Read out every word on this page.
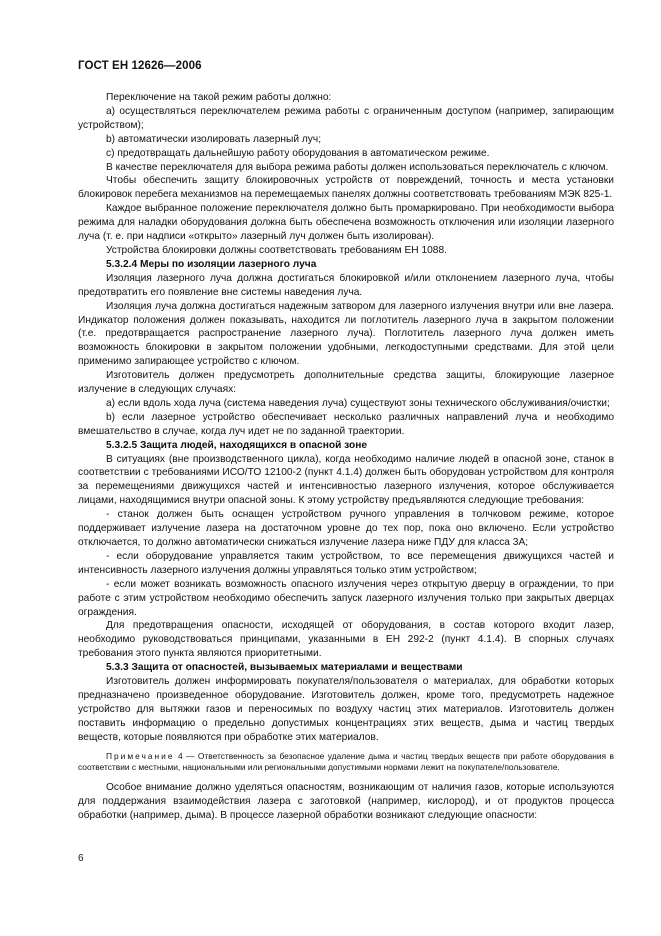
ГОСТ ЕН 12626—2006

Переключение на такой режим работы должно:

a) осуществляться переключателем режима работы с ограниченным доступом (например, запирающим устройством);

b) автоматически изолировать лазерный луч;

c) предотвращать дальнейшую работу оборудования в автоматическом режиме.

В качестве переключателя для выбора режима работы должен использоваться переключатель с ключом.

Чтобы обеспечить защиту блокировочных устройств от повреждений, точность и места установки блокировок перебега механизмов на перемещаемых панелях должны соответствовать требованиям МЭК 825-1.

Каждое выбранное положение переключателя должно быть промаркировано. При необходимости выбора режима для наладки оборудования должна быть обеспечена возможность отключения или изоляции лазерного луча (т. е. при надписи «открыто» лазерный луч должен быть изолирован).

Устройства блокировки должны соответствовать требованиям ЕН 1088.

5.3.2.4 Меры по изоляции лазерного луча

Изоляция лазерного луча должна достигаться блокировкой и/или отклонением лазерного луча, чтобы предотвратить его появление вне системы наведения луча.

Изоляция луча должна достигаться надежным затвором для лазерного излучения внутри или вне лазера. Индикатор положения должен показывать, находится ли поглотитель лазерного луча в закрытом положении (т.е. предотвращается распространение лазерного луча). Поглотитель лазерного луча должен иметь возможность блокировки в закрытом положении удобными, легкодоступными средствами. Для этой цели применимо запирающее устройство с ключом.

Изготовитель должен предусмотреть дополнительные средства защиты, блокирующие лазерное излучение в следующих случаях:

a) если вдоль хода луча (система наведения луча) существуют зоны технического обслуживания/очистки;

b) если лазерное устройство обеспечивает несколько различных направлений луча и необходимо вмешательство в случае, когда луч идет не по заданной траектории.

5.3.2.5 Защита людей, находящихся в опасной зоне

В ситуациях (вне производственного цикла), когда необходимо наличие людей в опасной зоне, станок в соответствии с требованиями ИСО/ТО 12100-2 (пункт 4.1.4) должен быть оборудован устройством для контроля за перемещениями движущихся частей и интенсивностью лазерного излучения, которое обслуживается лицами, находящимися внутри опасной зоны. К этому устройству предъявляются следующие требования:

- станок должен быть оснащен устройством ручного управления в толчковом режиме, которое поддерживает излучение лазера на достаточном уровне до тех пор, пока оно включено. Если устройство отключается, то должно автоматически снижаться излучение лазера ниже ПДУ для класса 3А;

- если оборудование управляется таким устройством, то все перемещения движущихся частей и интенсивность лазерного излучения должны управляться только этим устройством;

- если может возникать возможность опасного излучения через открытую дверцу в ограждении, то при работе с этим устройством необходимо обеспечить запуск лазерного излучения только при закрытых дверцах ограждения.

Для предотвращения опасности, исходящей от оборудования, в состав которого входит лазер, необходимо руководствоваться принципами, указанными в ЕН 292-2 (пункт 4.1.4). В спорных случаях требования этого пункта являются приоритетными.

5.3.3 Защита от опасностей, вызываемых материалами и веществами

Изготовитель должен информировать покупателя/пользователя о материалах, для обработки которых предназначено произведенное оборудование. Изготовитель должен, кроме того, предусмотреть надежное устройство для вытяжки газов и переносимых по воздуху частиц этих материалов. Изготовитель должен поставить информацию о предельно допустимых концентрациях этих веществ, дыма и частиц твердых веществ, которые появляются при обработке этих материалов.

Примечание 4 — Ответственность за безопасное удаление дыма и частиц твердых веществ при работе оборудования в соответствии с местными, национальными или региональными допустимыми нормами лежит на покупателе/пользователе.

Особое внимание должно уделяться опасностям, возникающим от наличия газов, которые используются для поддержания взаимодействия лазера с заготовкой (например, кислород), и от продуктов процесса обработки (например, дыма). В процессе лазерной обработки возникают следующие опасности:

6
